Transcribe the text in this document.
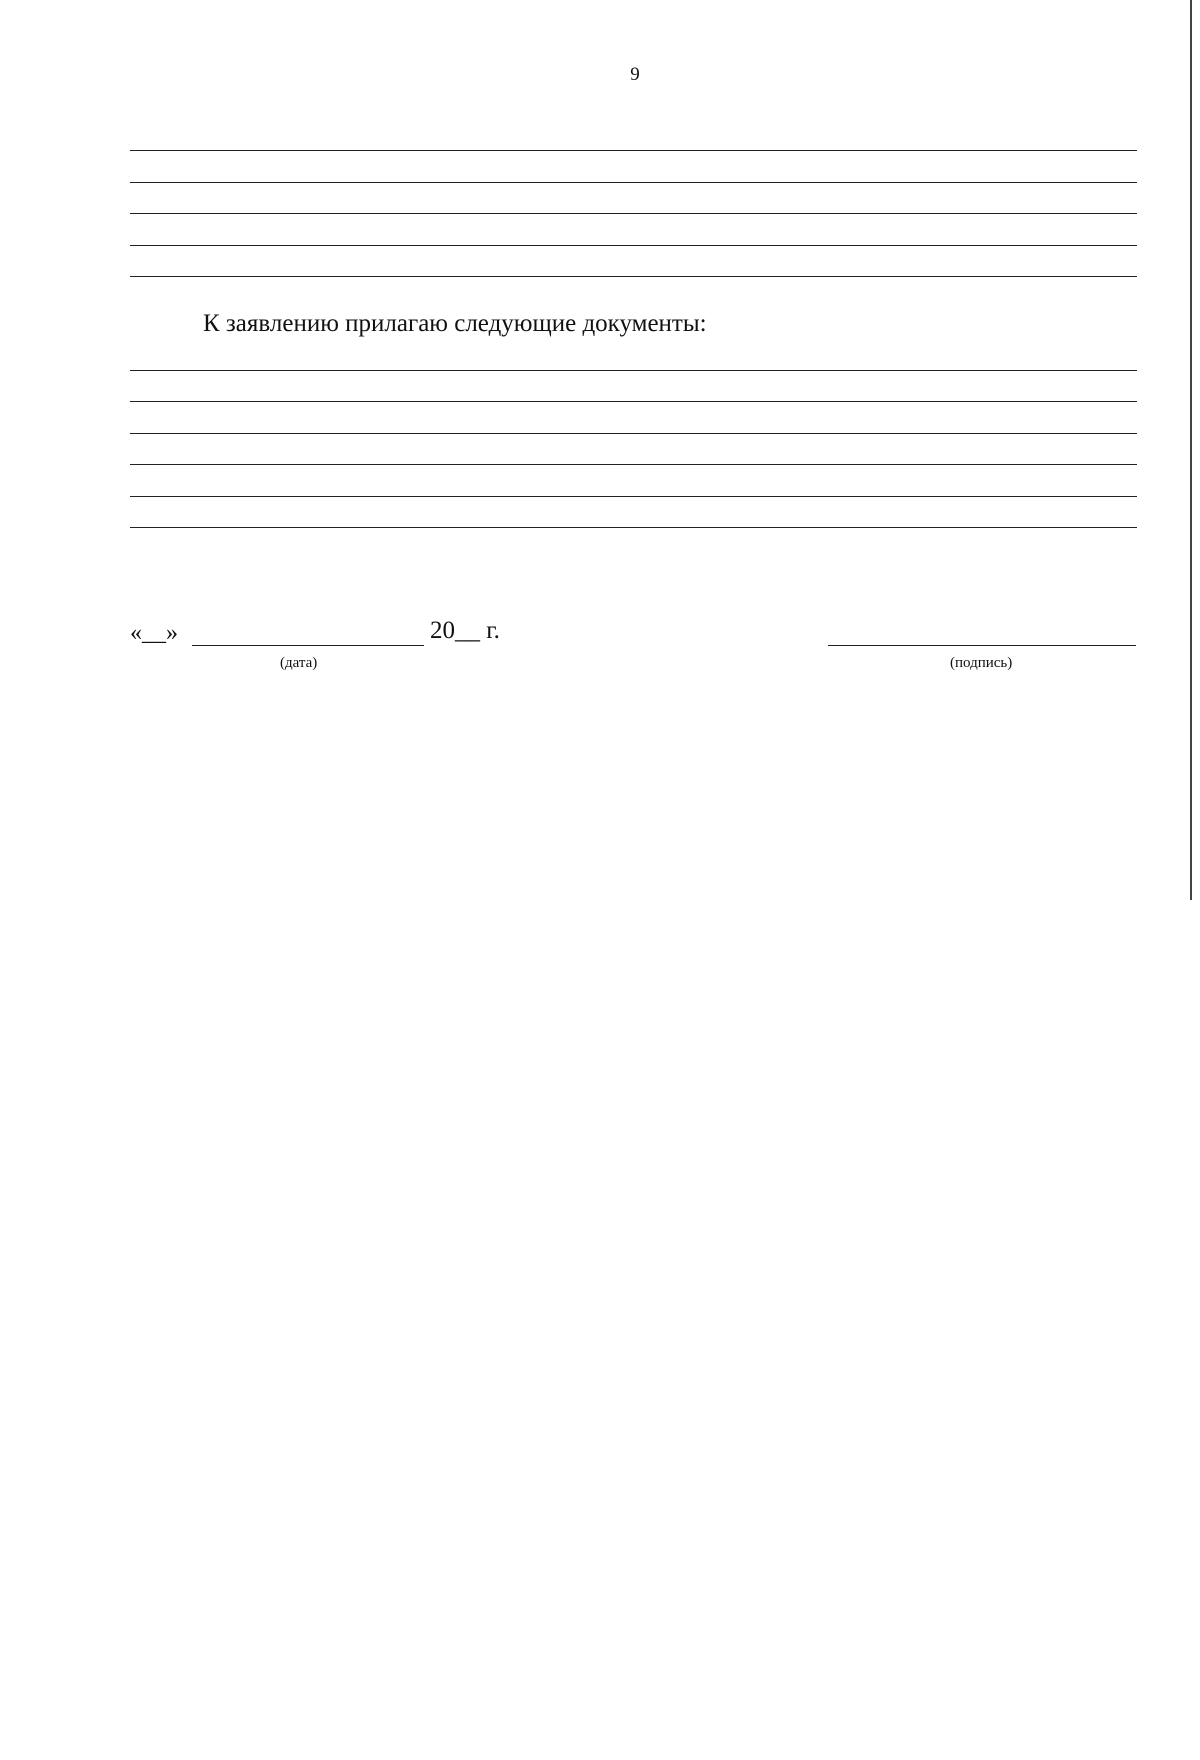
9
К заявлению прилагаю следующие документы:
«__»	20__ г.
(дата)	(подпись)
